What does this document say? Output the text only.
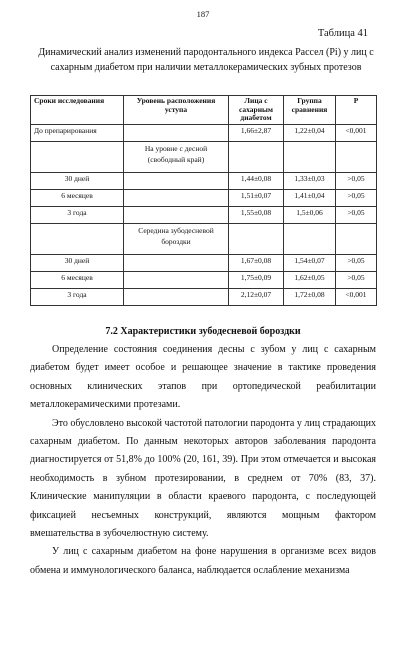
187
Таблица 41
Динамический анализ изменений пародонтального индекса Рассел (Pi) у лиц с сахарным диабетом при наличии металлокерамических зубных протезов
Сроки исследования	Уровень расположения уступа	Лица с сахарным диабетом	Группа сравнения	P
До препарирования		1,66±2,87	1,22±0,04	<0,001
	На уровне с десной (свободный край)			
30 дней		1,44±0,08	1,33±0,03	>0,05
6 месяцев		1,51±0,07	1,41±0,04	>0,05
3 года		1,55±0,08	1,5±0,06	>0,05
	Середина зубодесневой бороздки			
30 дней		1,67±0,08	1,54±0,07	>0,05
6 месяцев		1,75±0,09	1,62±0,05	>0,05
3 года		2,12±0,07	1,72±0,08	<0,001
7.2 Характеристики зубодесневой бороздки

Определение состояния соединения десны с зубом у лиц с сахарным диабетом будет имеет особое и решающее значение в тактике проведения основных клинических этапов при ортопедической реабилитации металлокерамическими протезами.

Это обусловлено высокой частотой патологии пародонта у лиц страдающих сахарным диабетом. По данным некоторых авторов заболевания пародонта диагностируется от 51,8% до 100% (20, 161, 39). При этом отмечается и высокая необходимость в зубном протезировании, в среднем от 70% (83, 37). Клинические манипуляции в области краевого пародонта, с последующей фиксацией несъемных конструкций, являются мощным фактором вмешательства в зубочелюстную систему.

У лиц с сахарным диабетом на фоне нарушения в организме всех видов обмена и иммунологического баланса, наблюдается ослабление механизма
